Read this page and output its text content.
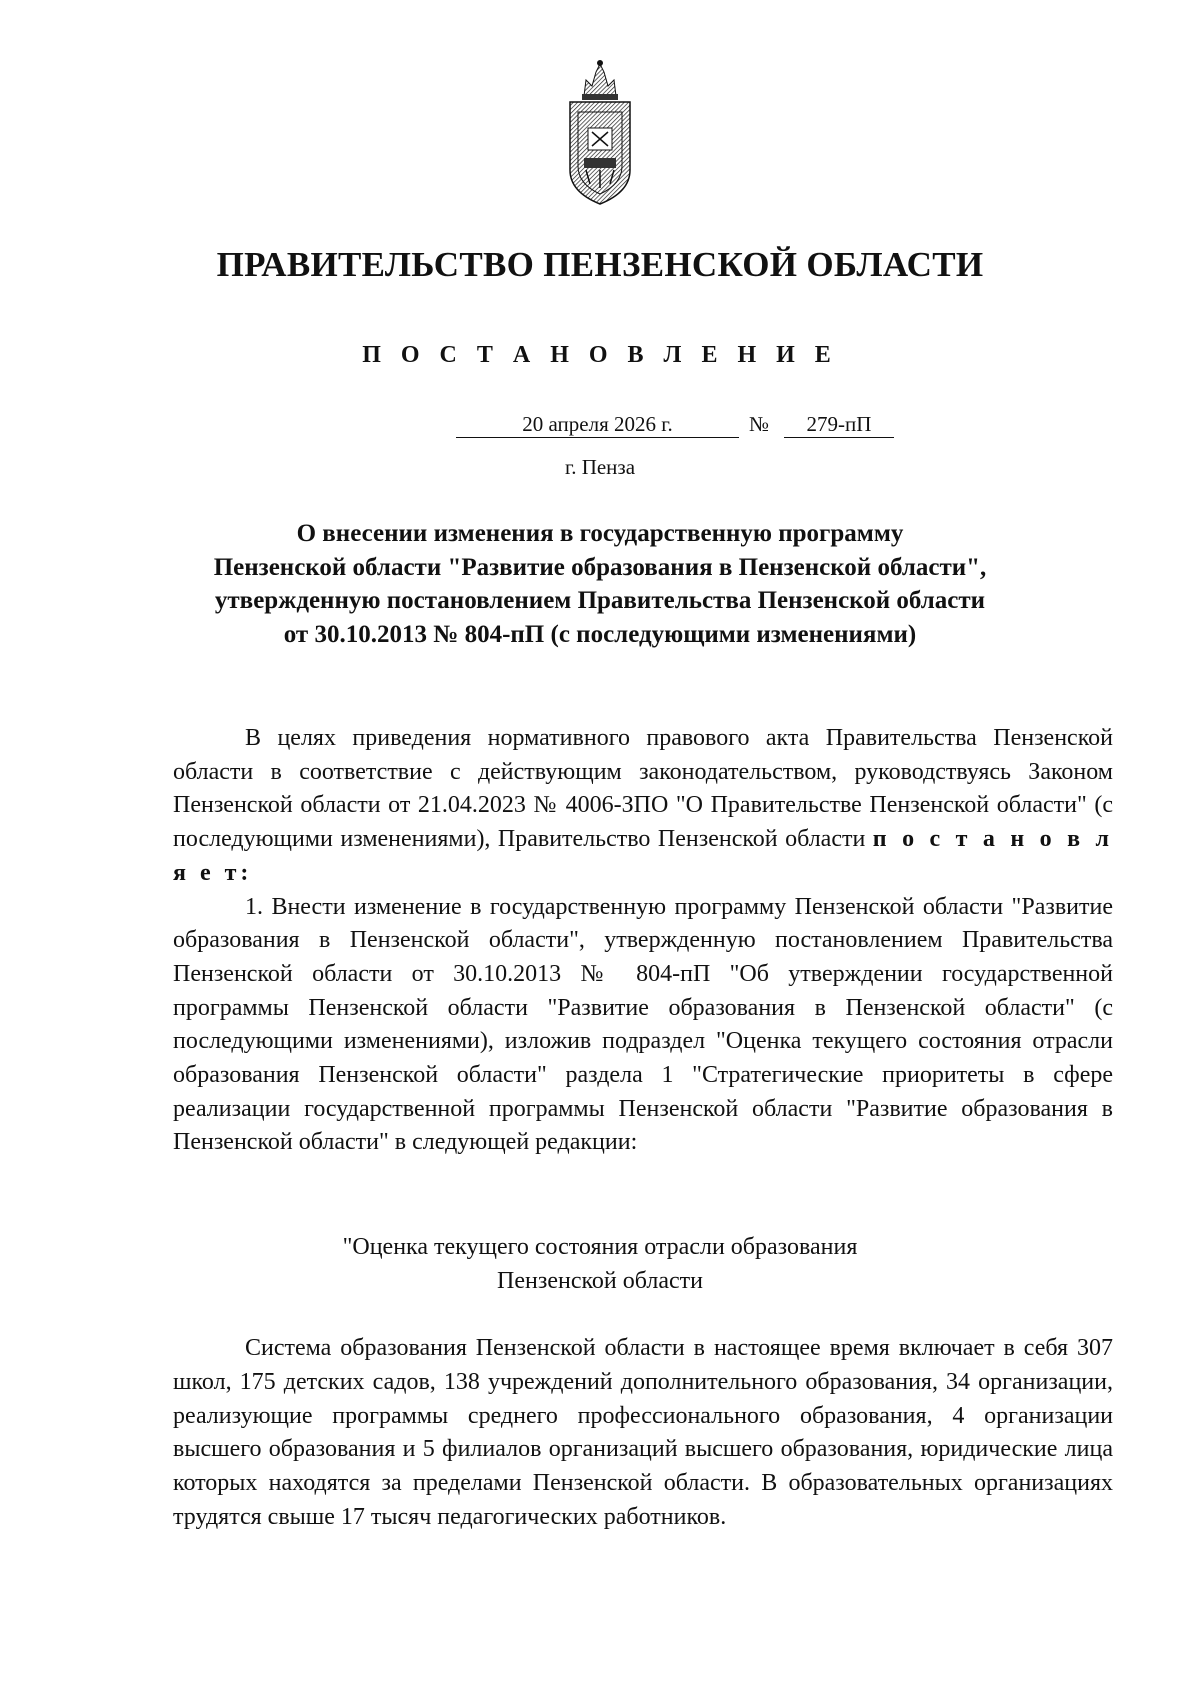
ПРАВИТЕЛЬСТВО ПЕНЗЕНСКОЙ ОБЛАСТИ
П О С Т А Н О В Л Е Н И Е
20 апреля 2026 г.	№	279-пП
г. Пенза
О внесении изменения в государственную программу
Пензенской области "Развитие образования в Пензенской области",
утвержденную постановлением Правительства Пензенской области
от 30.10.2013 № 804-пП (с последующими изменениями)

В целях приведения нормативного правового акта Правительства Пензенской области в соответствие с действующим законодательством, руководствуясь Законом Пензенской области от 21.04.2023 № 4006-ЗПО "О Правительстве Пензенской области" (с последующими изменениями), Правительство Пензенской области п о с т а н о в л я е т:

1. Внести изменение в государственную программу Пензенской области "Развитие образования в Пензенской области", утвержденную постановлением Правительства Пензенской области от 30.10.2013 № 804-пП "Об утверждении государственной программы Пензенской области "Развитие образования в Пензенской области" (с последующими изменениями), изложив подраздел "Оценка текущего состояния отрасли образования Пензенской области" раздела 1 "Стратегические приоритеты в сфере реализации государственной программы Пензенской области "Развитие образования в Пензенской области" в следующей редакции:

"Оценка текущего состояния отрасли образования
Пензенской области

Система образования Пензенской области в настоящее время включает в себя 307 школ, 175 детских садов, 138 учреждений дополнительного образования, 34 организации, реализующие программы среднего профессионального образования, 4 организации высшего образования и 5 филиалов организаций высшего образования, юридические лица которых находятся за пределами Пензенской области. В образовательных организациях трудятся свыше 17 тысяч педагогических работников.
